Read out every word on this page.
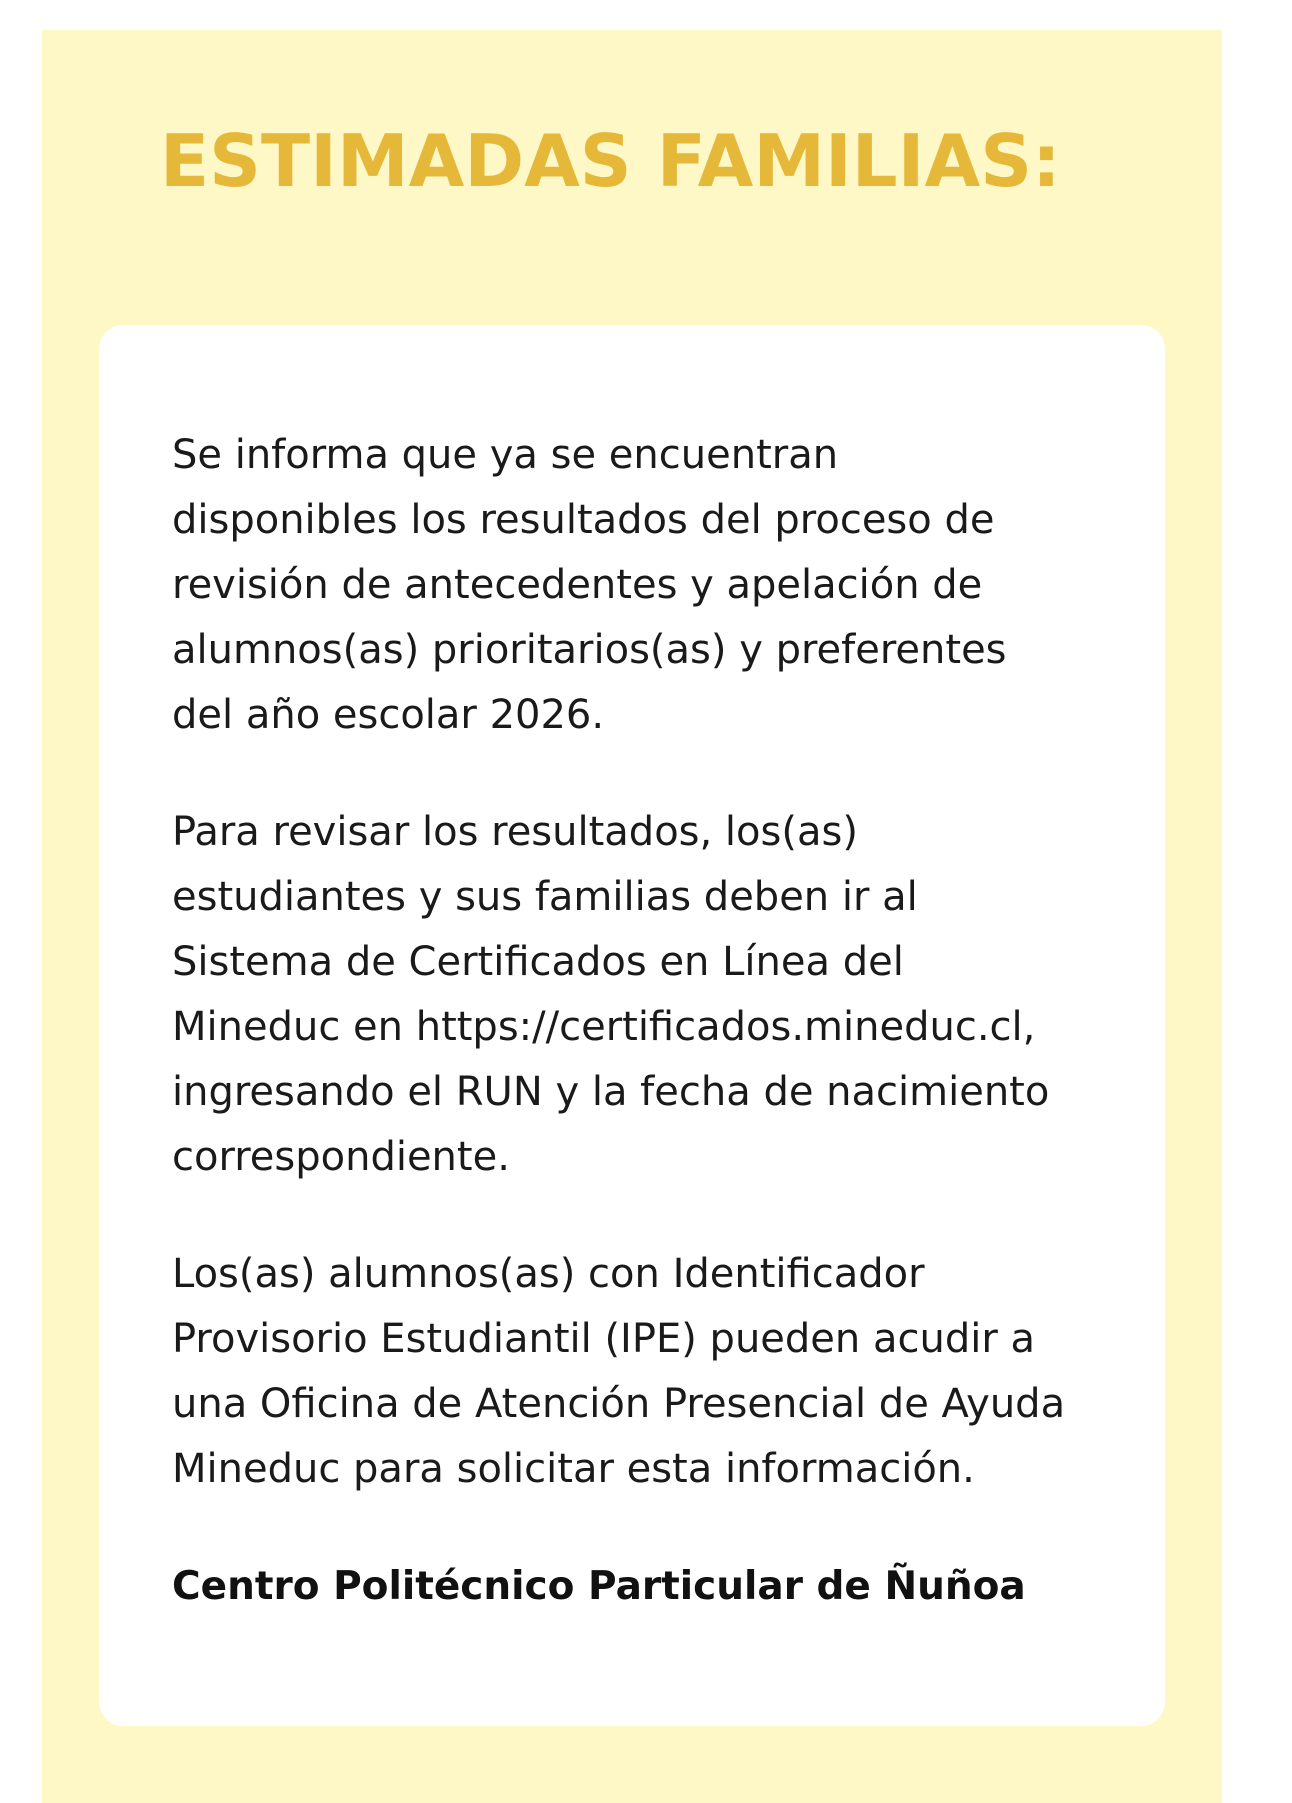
ESTIMADAS FAMILIAS:

Se informa que ya se encuentran
disponibles los resultados del proceso de
revisión de antecedentes y apelación de
alumnos(as) prioritarios(as) y preferentes
del año escolar 2026.

Para revisar los resultados, los(as)
estudiantes y sus familias deben ir al
Sistema de Certificados en Línea del
Mineduc en https://certificados.mineduc.cl,
ingresando el RUN y la fecha de nacimiento
correspondiente.

Los(as) alumnos(as) con Identificador
Provisorio Estudiantil (IPE) pueden acudir a
una Oficina de Atención Presencial de Ayuda
Mineduc para solicitar esta información.

Centro Politécnico Particular de Ñuñoa
